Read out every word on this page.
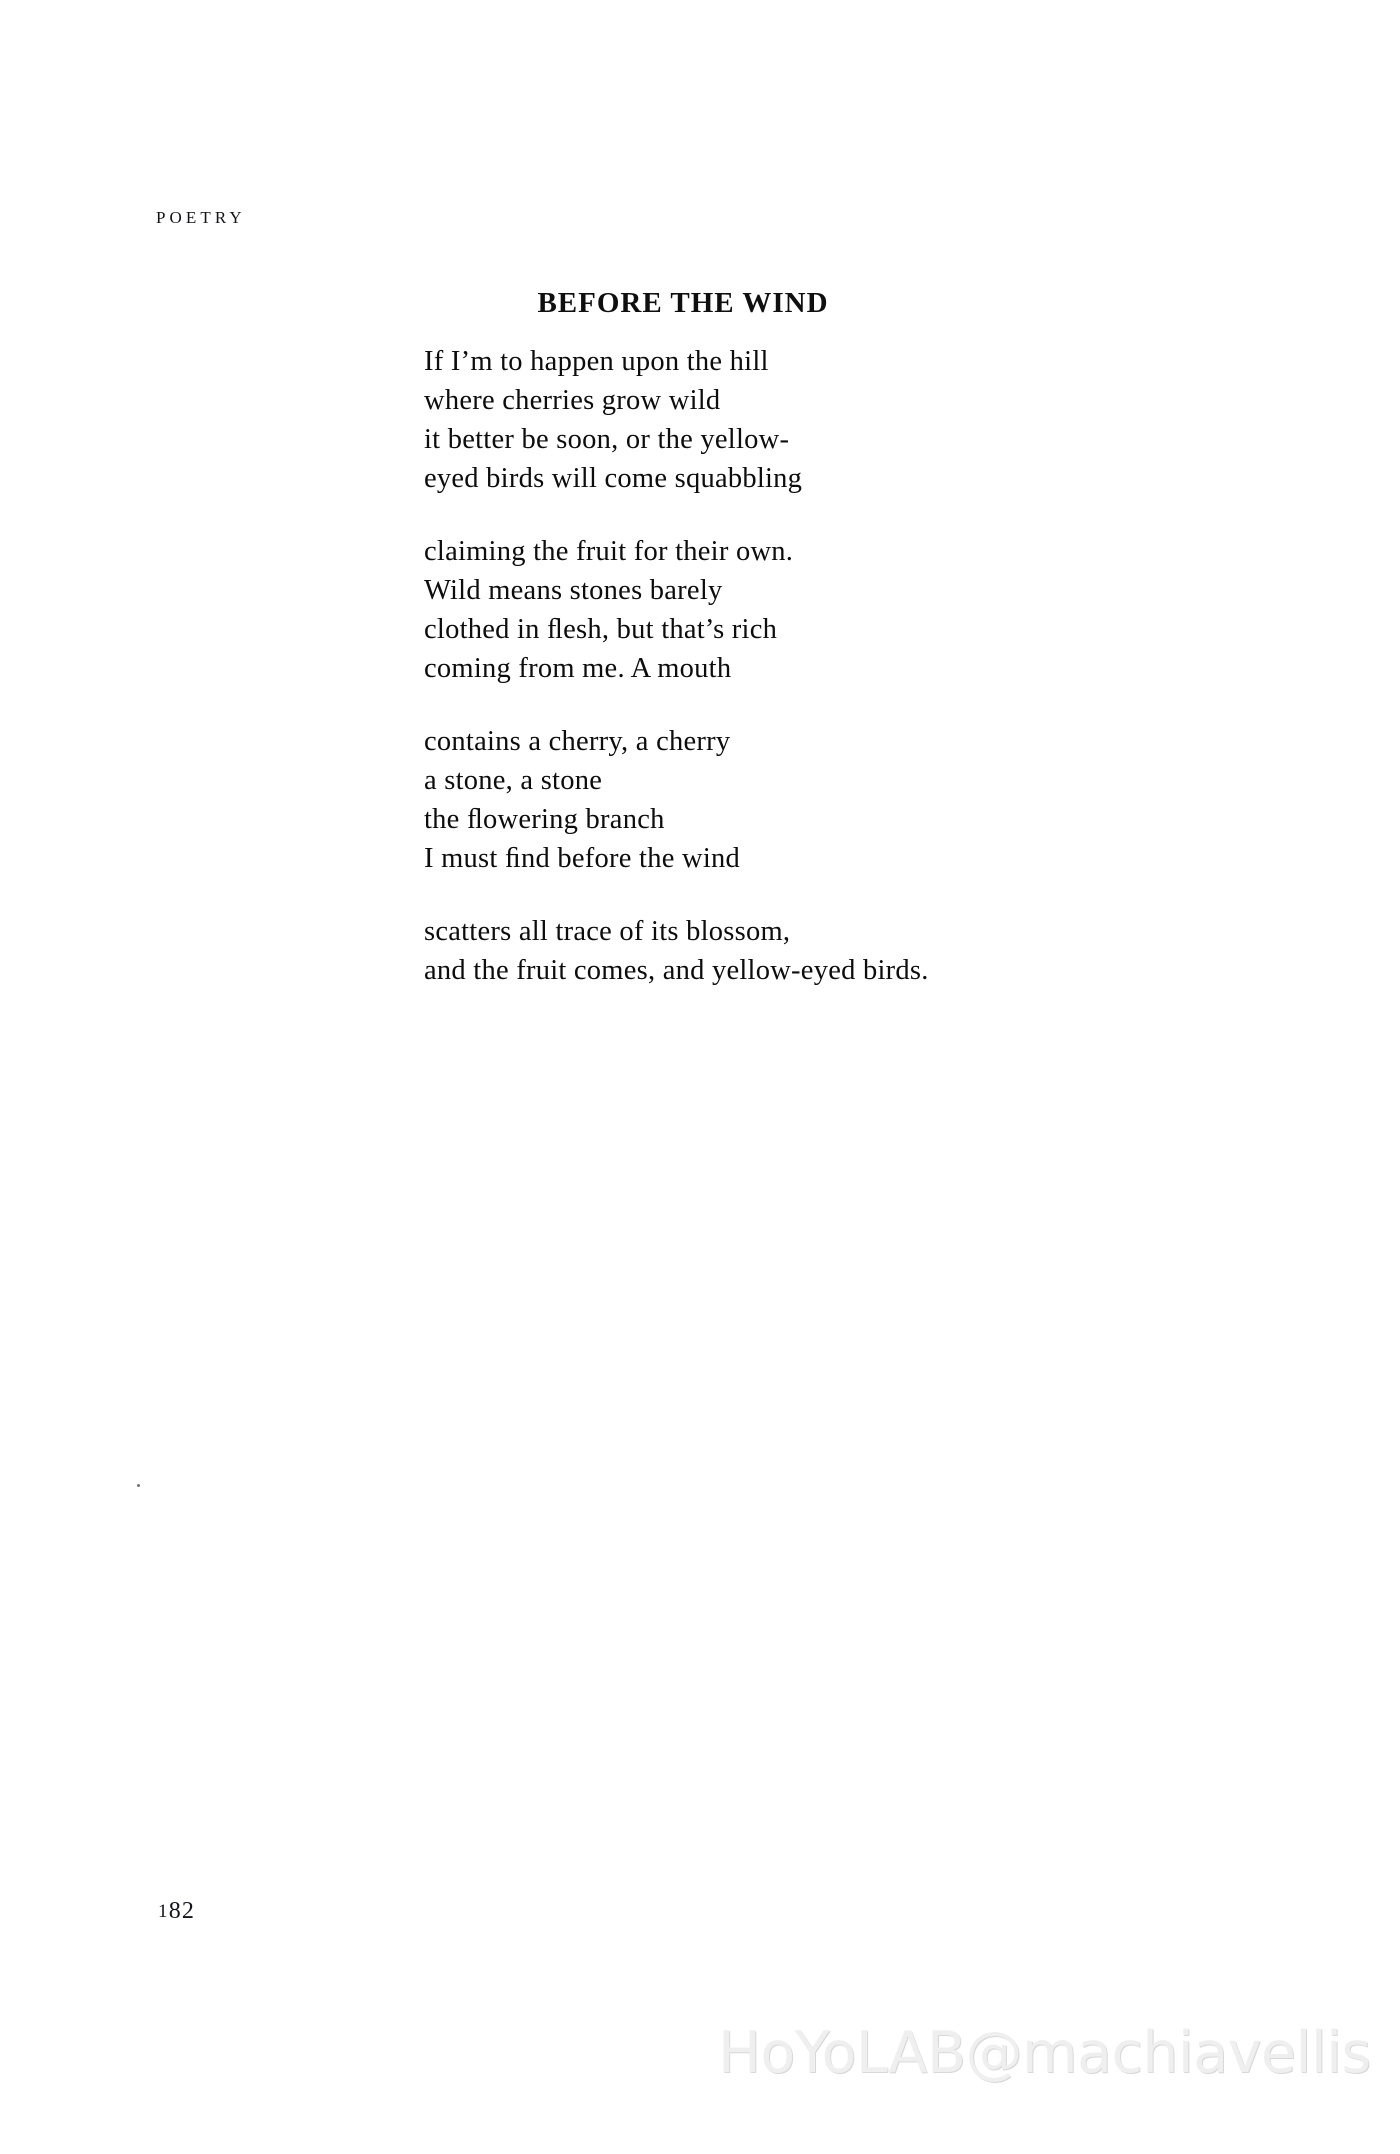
POETRY
BEFORE THE WIND
If I’m to happen upon the hill
where cherries grow wild
it better be soon, or the yellow-
eyed birds will come squabbling
claiming the fruit for their own.
Wild means stones barely
clothed in ﬂesh, but that’s rich
coming from me. A mouth
contains a cherry, a cherry
a stone, a stone
the ﬂowering branch
I must ﬁnd before the wind
scatters all trace of its blossom,
and the fruit comes, and yellow-eyed birds.
182
HoYoLAB@machiavellis
